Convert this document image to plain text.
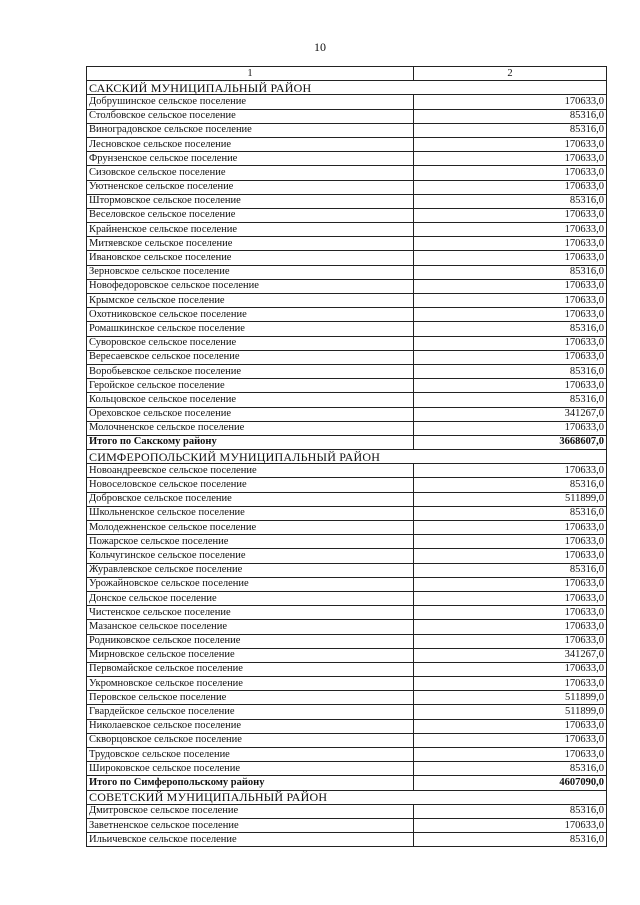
10
1	2
САКСКИЙ МУНИЦИПАЛЬНЫЙ РАЙОН	
Добрушинское сельское поселение	170633,0
Столбовское сельское поселение	85316,0
Виноградовское сельское поселение	85316,0
Лесновское сельское поселение	170633,0
Фрунзенское сельское поселение	170633,0
Сизовское сельское поселение	170633,0
Уютненское сельское поселение	170633,0
Штормовское сельское поселение	85316,0
Веселовское сельское поселение	170633,0
Крайненское сельское поселение	170633,0
Митяевское сельское поселение	170633,0
Ивановское сельское поселение	170633,0
Зерновское сельское поселение	85316,0
Новофедоровское сельское поселение	170633,0
Крымское сельское поселение	170633,0
Охотниковское сельское поселение	170633,0
Ромашкинское сельское поселение	85316,0
Суворовское сельское поселение	170633,0
Вересаевское сельское поселение	170633,0
Воробьевское сельское поселение	85316,0
Геройское сельское поселение	170633,0
Кольцовское сельское поселение	85316,0
Ореховское сельское поселение	341267,0
Молочненское сельское поселение	170633,0
Итого по Сакскому району	3668607,0
СИМФЕРОПОЛЬСКИЙ МУНИЦИПАЛЬНЫЙ РАЙОН	
Новоандреевское сельское поселение	170633,0
Новоселовское сельское поселение	85316,0
Добровское сельское поселение	511899,0
Школьненское сельское поселение	85316,0
Молодежненское сельское поселение	170633,0
Пожарское сельское поселение	170633,0
Кольчугинское сельское поселение	170633,0
Журавлевское сельское поселение	85316,0
Урожайновское сельское поселение	170633,0
Донское сельское поселение	170633,0
Чистенское сельское поселение	170633,0
Мазанское сельское поселение	170633,0
Родниковское сельское поселение	170633,0
Мирновское сельское поселение	341267,0
Первомайское сельское поселение	170633,0
Укромновское сельское поселение	170633,0
Перовское сельское поселение	511899,0
Гвардейское сельское поселение	511899,0
Николаевское сельское поселение	170633,0
Скворцовское сельское поселение	170633,0
Трудовское сельское поселение	170633,0
Широковское сельское поселение	85316,0
Итого по Симферопольскому району	4607090,0
СОВЕТСКИЙ МУНИЦИПАЛЬНЫЙ РАЙОН	
Дмитровское сельское поселение	85316,0
Заветненское сельское поселение	170633,0
Ильичевское сельское поселение	85316,0
